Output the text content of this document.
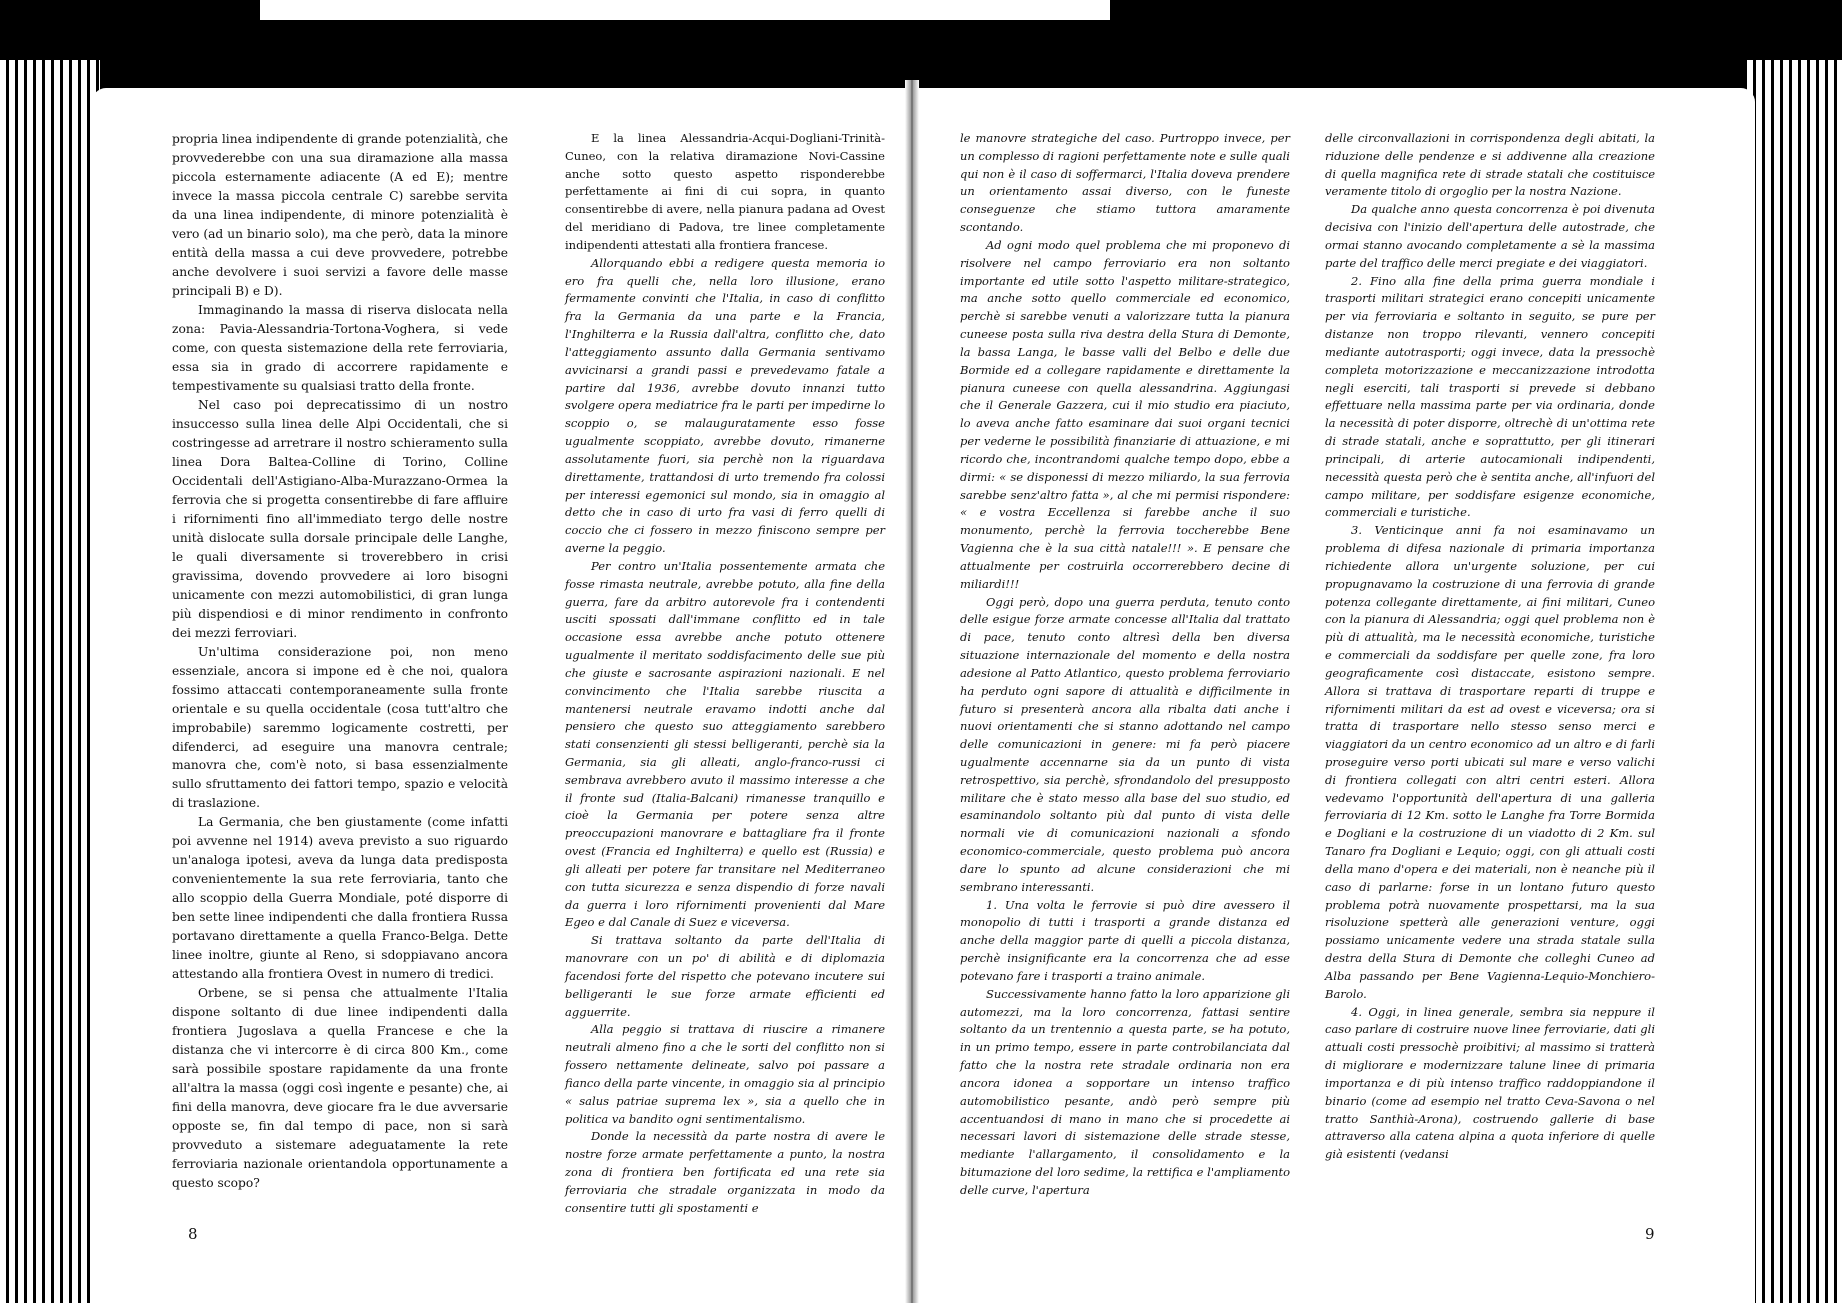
propria linea indipendente di grande potenzialità, che provvederebbe con una sua diramazione alla massa piccola esternamente adiacente (A ed E); mentre invece la massa piccola centrale C) sarebbe servita da una linea indipendente, di minore potenzialità è vero (ad un binario solo), ma che però, data la minore entità della massa a cui deve provvedere, potrebbe anche devolvere i suoi servizi a favore delle masse principali B) e D).

Immaginando la massa di riserva dislocata nella zona: Pavia-Alessandria-Tortona-Voghera, si vede come, con questa sistemazione della rete ferroviaria, essa sia in grado di accorrere rapidamente e tempestivamente su qualsiasi tratto della fronte.

Nel caso poi deprecatissimo di un nostro insuccesso sulla linea delle Alpi Occidentali, che si costringesse ad arretrare il nostro schieramento sulla linea Dora Baltea-Colline di Torino, Colline Occidentali dell'Astigiano-Alba-Murazzano-Ormea la ferrovia che si progetta consentirebbe di fare affluire i rifornimenti fino all'immediato tergo delle nostre unità dislocate sulla dorsale principale delle Langhe, le quali diversamente si troverebbero in crisi gravissima, dovendo provvedere ai loro bisogni unicamente con mezzi automobilistici, di gran lunga più dispendiosi e di minor rendimento in confronto dei mezzi ferroviari.

Un'ultima considerazione poi, non meno essenziale, ancora si impone ed è che noi, qualora fossimo attaccati contemporaneamente sulla fronte orientale e su quella occidentale (cosa tutt'altro che improbabile) saremmo logicamente costretti, per difenderci, ad eseguire una manovra centrale; manovra che, com'è noto, si basa essenzialmente sullo sfruttamento dei fattori tempo, spazio e velocità di traslazione.

La Germania, che ben giustamente (come infatti poi avvenne nel 1914) aveva previsto a suo riguardo un'analoga ipotesi, aveva da lunga data predisposta convenientemente la sua rete ferroviaria, tanto che allo scoppio della Guerra Mondiale, poté disporre di ben sette linee indipendenti che dalla frontiera Russa portavano direttamente a quella Franco-Belga. Dette linee inoltre, giunte al Reno, si sdoppiavano ancora attestando alla frontiera Ovest in numero di tredici.

Orbene, se si pensa che attualmente l'Italia dispone soltanto di due linee indipendenti dalla frontiera Jugoslava a quella Francese e che la distanza che vi intercorre è di circa 800 Km., come sarà possibile spostare rapidamente da una fronte all'altra la massa (oggi così ingente e pesante) che, ai fini della manovra, deve giocare fra le due avversarie opposte se, fin dal tempo di pace, non si sarà provveduto a sistemare adeguatamente la rete ferroviaria nazionale orientandola opportunamente a questo scopo?

E la linea Alessandria-Acqui-Dogliani-Trinità-Cuneo, con la relativa diramazione Novi-Cassine anche sotto questo aspetto risponderebbe perfettamente ai fini di cui sopra, in quanto consentirebbe di avere, nella pianura padana ad Ovest del meridiano di Padova, tre linee completamente indipendenti attestati alla frontiera francese.

Allorquando ebbi a redigere questa memoria io ero fra quelli che, nella loro illusione, erano fermamente convinti che l'Italia, in caso di conflitto fra la Germania da una parte e la Francia, l'Inghilterra e la Russia dall'altra, conflitto che, dato l'atteggiamento assunto dalla Germania sentivamo avvicinarsi a grandi passi e prevedevamo fatale a partire dal 1936, avrebbe dovuto innanzi tutto svolgere opera mediatrice fra le parti per impedirne lo scoppio o, se malauguratamente esso fosse ugualmente scoppiato, avrebbe dovuto, rimanerne assolutamente fuori, sia perchè non la riguardava direttamente, trattandosi di urto tremendo fra colossi per interessi egemonici sul mondo, sia in omaggio al detto che in caso di urto fra vasi di ferro quelli di coccio che ci fossero in mezzo finiscono sempre per averne la peggio.

Per contro un'Italia possentemente armata che fosse rimasta neutrale, avrebbe potuto, alla fine della guerra, fare da arbitro autorevole fra i contendenti usciti spossati dall'immane conflitto ed in tale occasione essa avrebbe anche potuto ottenere ugualmente il meritato soddisfacimento delle sue più che giuste e sacrosante aspirazioni nazionali. E nel convincimento che l'Italia sarebbe riuscita a mantenersi neutrale eravamo indotti anche dal pensiero che questo suo atteggiamento sarebbero stati consenzienti gli stessi belligeranti, perchè sia la Germania, sia gli alleati, anglo-franco-russi ci sembrava avrebbero avuto il massimo interesse a che il fronte sud (Italia-Balcani) rimanesse tranquillo e cioè la Germania per potere senza altre preoccupazioni manovrare e battagliare fra il fronte ovest (Francia ed Inghilterra) e quello est (Russia) e gli alleati per potere far transitare nel Mediterraneo con tutta sicurezza e senza dispendio di forze navali da guerra i loro rifornimenti provenienti dal Mare Egeo e dal Canale di Suez e viceversa.

Si trattava soltanto da parte dell'Italia di manovrare con un po' di abilità e di diplomazia facendosi forte del rispetto che potevano incutere sui belligeranti le sue forze armate efficienti ed agguerrite.

Alla peggio si trattava di riuscire a rimanere neutrali almeno fino a che le sorti del conflitto non si fossero nettamente delineate, salvo poi passare a fianco della parte vincente, in omaggio sia al principio « salus patriae suprema lex », sia a quello che in politica va bandito ogni sentimentalismo.

Donde la necessità da parte nostra di avere le nostre forze armate perfettamente a punto, la nostra zona di frontiera ben fortificata ed una rete sia ferroviaria che stradale organizzata in modo da consentire tutti gli spostamenti e

le manovre strategiche del caso. Purtroppo invece, per un complesso di ragioni perfettamente note e sulle quali qui non è il caso di soffermarci, l'Italia doveva prendere un orientamento assai diverso, con le funeste conseguenze che stiamo tuttora amaramente scontando.

Ad ogni modo quel problema che mi proponevo di risolvere nel campo ferroviario era non soltanto importante ed utile sotto l'aspetto militare-strategico, ma anche sotto quello commerciale ed economico, perchè si sarebbe venuti a valorizzare tutta la pianura cuneese posta sulla riva destra della Stura di Demonte, la bassa Langa, le basse valli del Belbo e delle due Bormide ed a collegare rapidamente e direttamente la pianura cuneese con quella alessandrina. Aggiungasi che il Generale Gazzera, cui il mio studio era piaciuto, lo aveva anche fatto esaminare dai suoi organi tecnici per vederne le possibilità finanziarie di attuazione, e mi ricordo che, incontrandomi qualche tempo dopo, ebbe a dirmi: « se disponessi di mezzo miliardo, la sua ferrovia sarebbe senz'altro fatta », al che mi permisi rispondere: « e vostra Eccellenza si farebbe anche il suo monumento, perchè la ferrovia toccherebbe Bene Vagienna che è la sua città natale!!! ». E pensare che attualmente per costruirla occorrerebbero decine di miliardi!!!

Oggi però, dopo una guerra perduta, tenuto conto delle esigue forze armate concesse all'Italia dal trattato di pace, tenuto conto altresì della ben diversa situazione internazionale del momento e della nostra adesione al Patto Atlantico, questo problema ferroviario ha perduto ogni sapore di attualità e difficilmente in futuro si presenterà ancora alla ribalta dati anche i nuovi orientamenti che si stanno adottando nel campo delle comunicazioni in genere: mi fa però piacere ugualmente accennarne sia da un punto di vista retrospettivo, sia perchè, sfrondandolo del presupposto militare che è stato messo alla base del suo studio, ed esaminandolo soltanto più dal punto di vista delle normali vie di comunicazioni nazionali a sfondo economico-commerciale, questo problema può ancora dare lo spunto ad alcune considerazioni che mi sembrano interessanti.

1. Una volta le ferrovie si può dire avessero il monopolio di tutti i trasporti a grande distanza ed anche della maggior parte di quelli a piccola distanza, perchè insignificante era la concorrenza che ad esse potevano fare i trasporti a traino animale.

Successivamente hanno fatto la loro apparizione gli automezzi, ma la loro concorrenza, fattasi sentire soltanto da un trentennio a questa parte, se ha potuto, in un primo tempo, essere in parte controbilanciata dal fatto che la nostra rete stradale ordinaria non era ancora idonea a sopportare un intenso traffico automobilistico pesante, andò però sempre più accentuandosi di mano in mano che si procedette ai necessari lavori di sistemazione delle strade stesse, mediante l'allargamento, il consolidamento e la bitumazione del loro sedime, la rettifica e l'ampliamento delle curve, l'apertura

delle circonvallazioni in corrispondenza degli abitati, la riduzione delle pendenze e si addivenne alla creazione di quella magnifica rete di strade statali che costituisce veramente titolo di orgoglio per la nostra Nazione.

Da qualche anno questa concorrenza è poi divenuta decisiva con l'inizio dell'apertura delle autostrade, che ormai stanno avocando completamente a sè la massima parte del traffico delle merci pregiate e dei viaggiatori.

2. Fino alla fine della prima guerra mondiale i trasporti militari strategici erano concepiti unicamente per via ferroviaria e soltanto in seguito, se pure per distanze non troppo rilevanti, vennero concepiti mediante autotrasporti; oggi invece, data la pressochè completa motorizzazione e meccanizzazione introdotta negli eserciti, tali trasporti si prevede si debbano effettuare nella massima parte per via ordinaria, donde la necessità di poter disporre, oltrechè di un'ottima rete di strade statali, anche e soprattutto, per gli itinerari principali, di arterie autocamionali indipendenti, necessità questa però che è sentita anche, all'infuori del campo militare, per soddisfare esigenze economiche, commerciali e turistiche.

3. Venticinque anni fa noi esaminavamo un problema di difesa nazionale di primaria importanza richiedente allora un'urgente soluzione, per cui propugnavamo la costruzione di una ferrovia di grande potenza collegante direttamente, ai fini militari, Cuneo con la pianura di Alessandria; oggi quel problema non è più di attualità, ma le necessità economiche, turistiche e commerciali da soddisfare per quelle zone, fra loro geograficamente così distaccate, esistono sempre. Allora si trattava di trasportare reparti di truppe e rifornimenti militari da est ad ovest e viceversa; ora si tratta di trasportare nello stesso senso merci e viaggiatori da un centro economico ad un altro e di farli proseguire verso porti ubicati sul mare e verso valichi di frontiera collegati con altri centri esteri. Allora vedevamo l'opportunità dell'apertura di una galleria ferroviaria di 12 Km. sotto le Langhe fra Torre Bormida e Dogliani e la costruzione di un viadotto di 2 Km. sul Tanaro fra Dogliani e Lequio; oggi, con gli attuali costi della mano d'opera e dei materiali, non è neanche più il caso di parlarne: forse in un lontano futuro questo problema potrà nuovamente prospettarsi, ma la sua risoluzione spetterà alle generazioni venture, oggi possiamo unicamente vedere una strada statale sulla destra della Stura di Demonte che colleghi Cuneo ad Alba passando per Bene Vagienna-Lequio-Monchiero-Barolo.

4. Oggi, in linea generale, sembra sia neppure il caso parlare di costruire nuove linee ferroviarie, dati gli attuali costi pressochè proibitivi; al massimo si tratterà di migliorare e modernizzare talune linee di primaria importanza e di più intenso traffico raddoppiandone il binario (come ad esempio nel tratto Ceva-Savona o nel tratto Santhià-Arona), costruendo gallerie di base attraverso alla catena alpina a quota inferiore di quelle già esistenti (vedansi

8	9
